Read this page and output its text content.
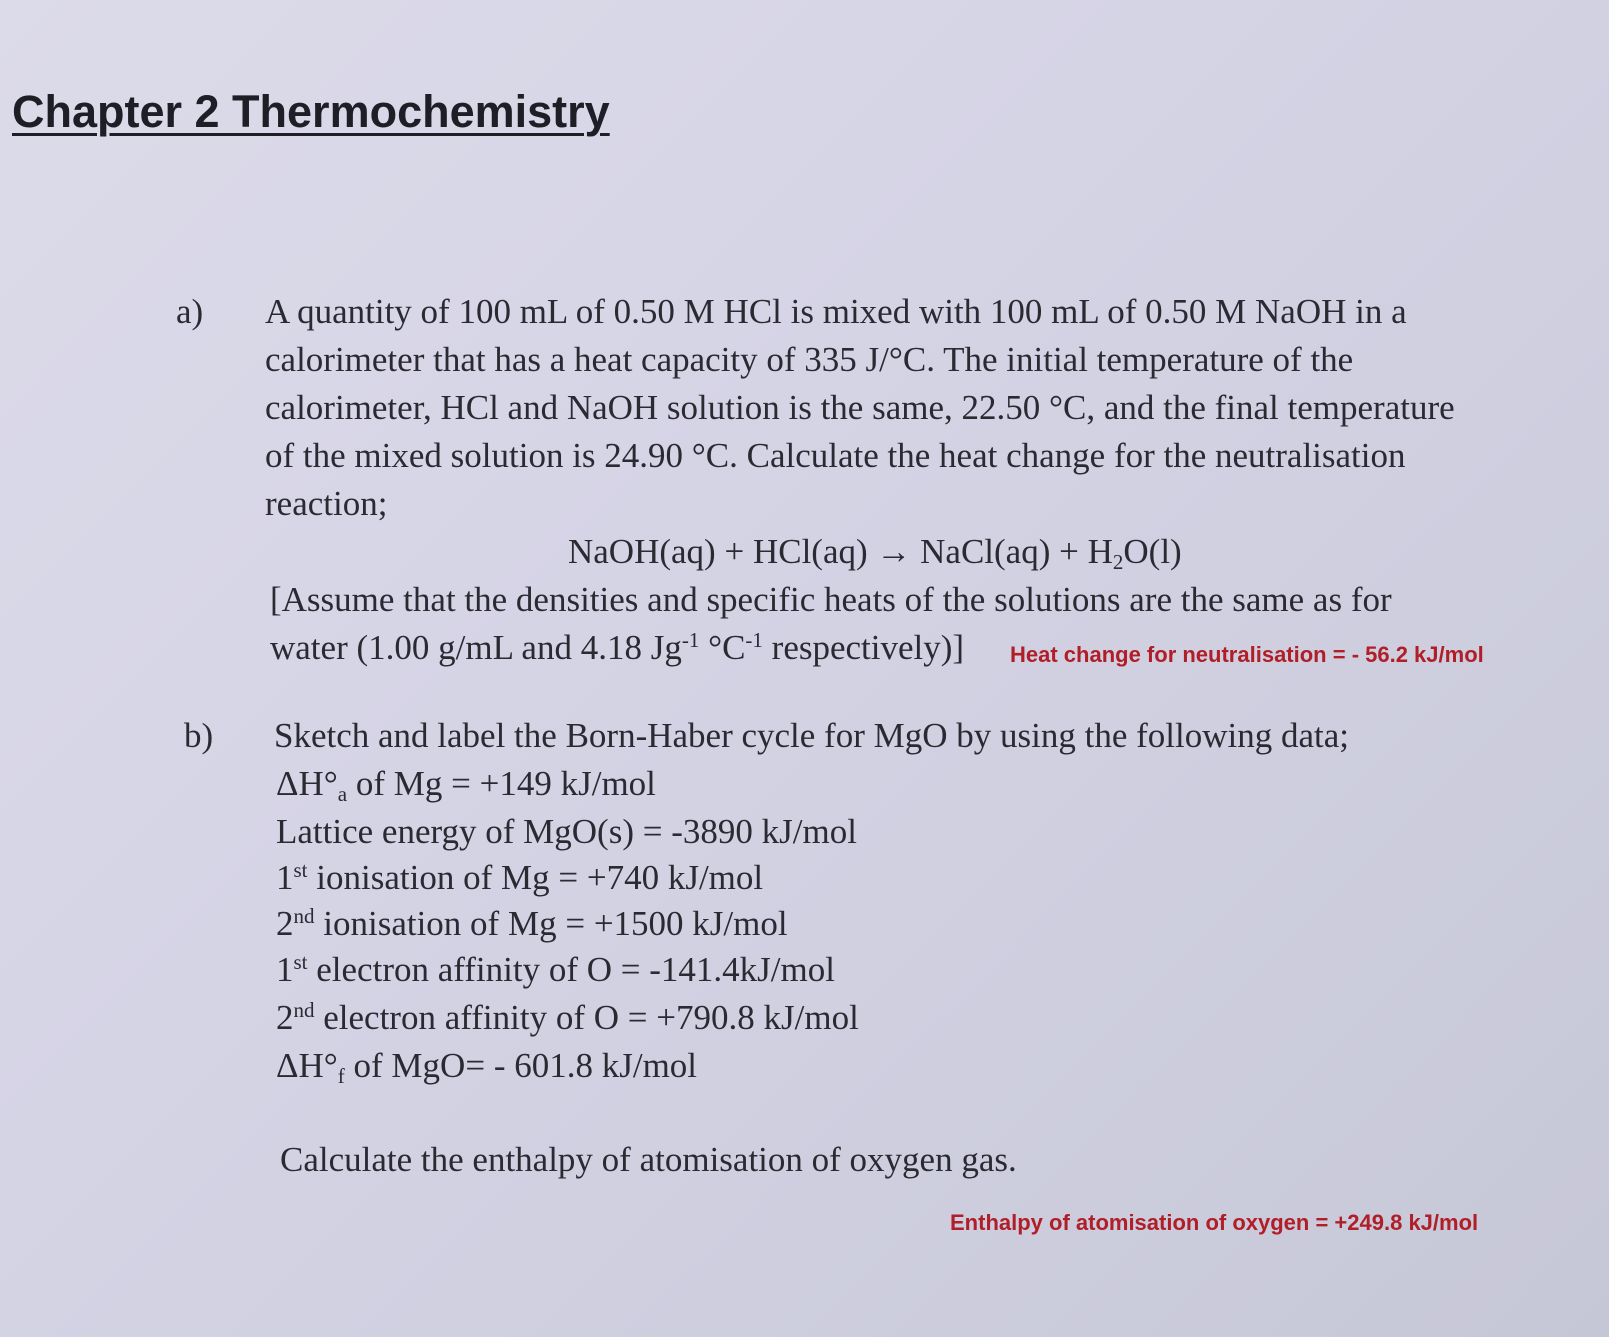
Chapter 2 Thermochemistry
a) A quantity of 100 mL of 0.50 M HCl is mixed with 100 mL of 0.50 M NaOH in a
calorimeter that has a heat capacity of 335 J/°C. The initial temperature of the
calorimeter, HCl and NaOH solution is the same, 22.50 °C, and the final temperature
of the mixed solution is 24.90 °C. Calculate the heat change for the neutralisation
reaction;
NaOH(aq) + HCl(aq) → NaCl(aq) + $H_2O(l)$
[Assume that the densities and specific heats of the solutions are the same as for
water (1.00 g/mL and 4.18 $Jg^{-1}$ $^\circ C^{-1}$ respectively)] Heat change for neutralisation = - 56.2 kJ/mol
b) Sketch and label the Born-Haber cycle for MgO by using the following data;
$\Delta H^\circ_a$ of Mg = +149 kJ/mol
Lattice energy of MgO(s) = -3890 kJ/mol
1st ionisation of Mg = +740 kJ/mol
2nd ionisation of Mg = +1500 kJ/mol
1st electron affinity of O = -141.4kJ/mol
2nd electron affinity of O = +790.8 kJ/mol
$\Delta H^\circ_f$ of MgO= - 601.8 kJ/mol
Calculate the enthalpy of atomisation of oxygen gas.
Enthalpy of atomisation of oxygen = +249.8 kJ/mol
